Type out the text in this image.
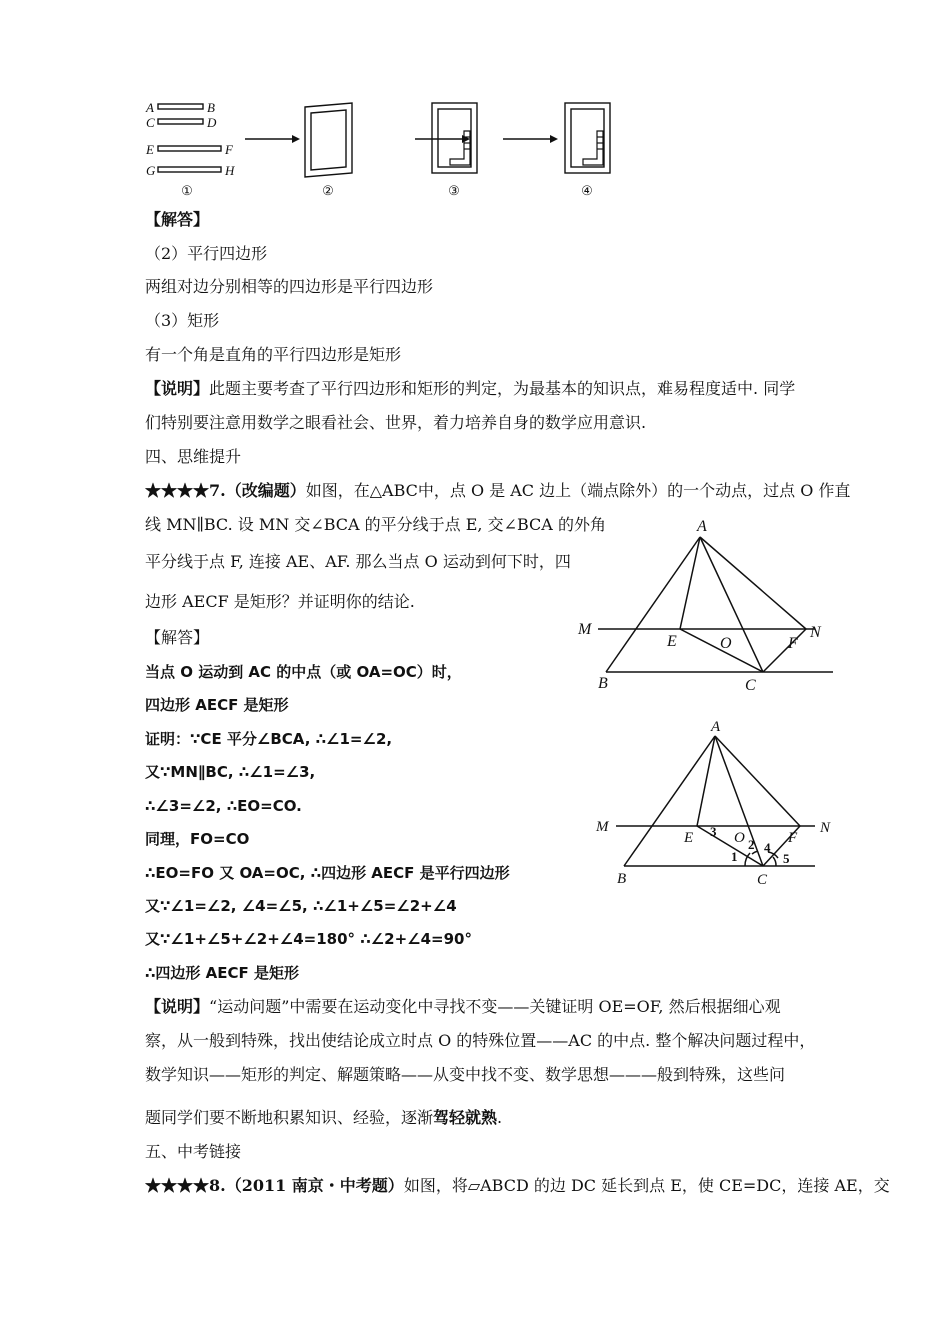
A
C
E
G
B
D
F
H
①	②	③	④
【解答】
（2）平行四边形
两组对边分别相等的四边形是平行四边形
（3）矩形
有一个角是直角的平行四边形是矩形
【说明】此题主要考查了平行四边形和矩形的判定，为最基本的知识点，难易程度适中. 同学
们特别要注意用数学之眼看社会、世界，着力培养自身的数学应用意识.
四、思维提升
★★★★7.（改编题）如图，在△ABC中，点 O 是 AC 边上（端点除外）的一个动点，过点 O 作直
线 MN∥BC. 设 MN 交∠BCA 的平分线于点 E, 交∠BCA 的外角
平分线于点 F, 连接 AE、AF. 那么当点 O 运动到何下时，四
边形 AECF 是矩形？并证明你的结论.
【解答】
当点 O 运动到 AC 的中点（或 OA=OC）时，
四边形 AECF 是矩形
证明：∵CE 平分∠BCA, ∴∠1=∠2,
又∵MN∥BC, ∴∠1=∠3,
∴∠3=∠2, ∴EO=CO.
同理，FO=CO
∴EO=FO 又 OA=OC, ∴四边形 AECF 是平行四边形
又∵∠1=∠2, ∠4=∠5, ∴∠1+∠5=∠2+∠4
又∵∠1+∠5+∠2+∠4=180° ∴∠2+∠4=90°
∴四边形 AECF 是矩形
【说明】“运动问题”中需要在运动变化中寻找不变——关键证明 OE=OF, 然后根据细心观
察，从一般到特殊，找出使结论成立时点 O 的特殊位置——AC 的中点. 整个解决问题过程中，
数学知识——矩形的判定、解题策略——从变中找不变、数学思想———般到特殊，这些问
题同学们要不断地积累知识、经验，逐渐驾轻就熟.
五、中考链接
★★★★8.（2011 南京・中考题）如图，将▱ABCD 的边 DC 延长到点 E，使 CE=DC，连接 AE，交
A
M	N
E	O	F
B	C
A
M	N
E	O	F
B	C
1
2
3
4
5
